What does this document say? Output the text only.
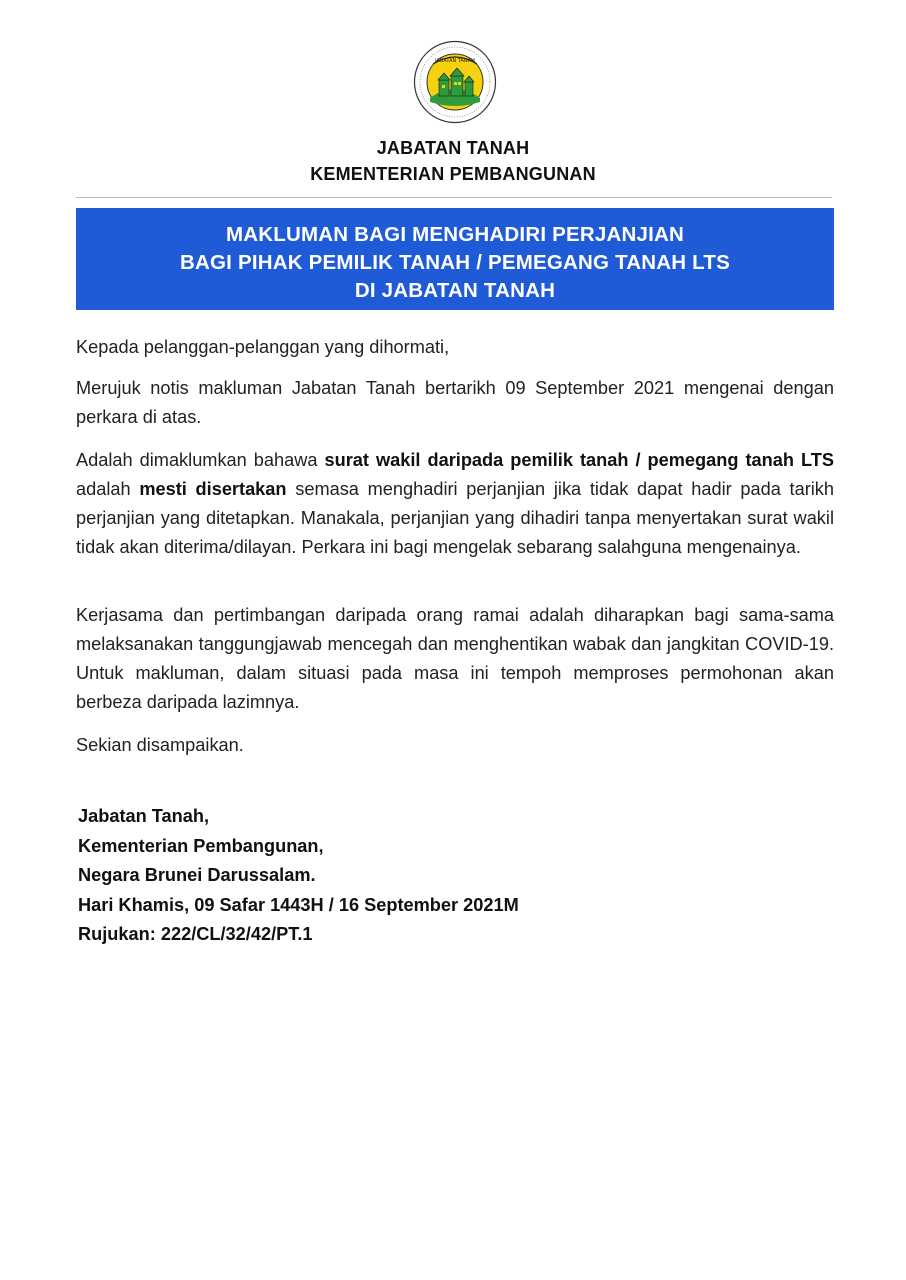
JABATAN TANAH
JABATAN TANAH
KEMENTERIAN PEMBANGUNAN
MAKLUMAN BAGI MENGHADIRI PERJANJIAN
BAGI PIHAK PEMILIK TANAH / PEMEGANG TANAH LTS
DI JABATAN TANAH
Kepada pelanggan-pelanggan yang dihormati,
Merujuk notis makluman Jabatan Tanah bertarikh 09 September 2021 mengenai dengan perkara di atas.
Adalah dimaklumkan bahawa surat wakil daripada pemilik tanah / pemegang tanah LTS adalah mesti disertakan semasa menghadiri perjanjian jika tidak dapat hadir pada tarikh perjanjian yang ditetapkan. Manakala, perjanjian yang dihadiri tanpa menyertakan surat wakil tidak akan diterima/dilayan. Perkara ini bagi mengelak sebarang salahguna mengenainya.
Kerjasama dan pertimbangan daripada orang ramai adalah diharapkan bagi sama-sama melaksanakan tanggungjawab mencegah dan menghentikan wabak dan jangkitan COVID-19. Untuk makluman, dalam situasi pada masa ini tempoh memproses permohonan akan berbeza daripada lazimnya.
Sekian disampaikan.
Jabatan Tanah,
Kementerian Pembangunan,
Negara Brunei Darussalam.
Hari Khamis, 09 Safar 1443H / 16 September 2021M
Rujukan: 222/CL/32/42/PT.1
